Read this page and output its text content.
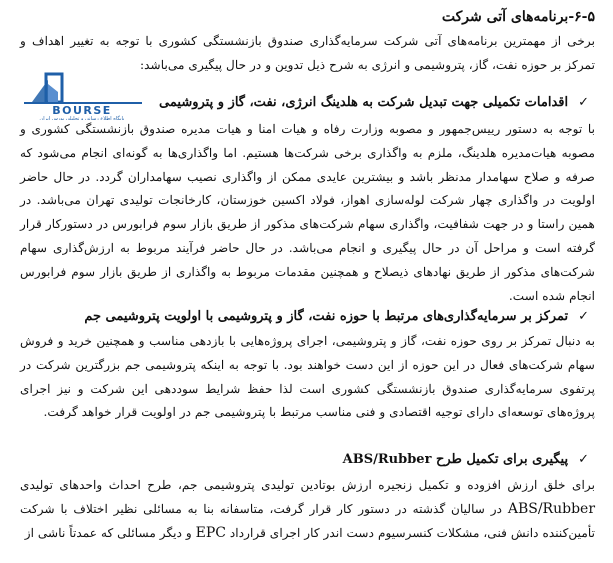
۶-۵-برنامه‌های آتی شرکت
برخی از مهمترین برنامه‌های آتی شرکت سرمایه‌گذاری صندوق بازنشستگی کشوری با توجه به تغییر اهداف و تمرکز بر حوزه نفت، گاز، پتروشیمی و انرژی به شرح ذیل تدوین و در حال پیگیری می‌باشد:
BOURSE
پایگاه اطلاع رسانی و تحلیلی بورس ایران
✓
اقدامات تکمیلی جهت تبدیل شرکت به هلدینگ انرژی، نفت، گاز و پتروشیمی
با توجه به دستور رییس‌جمهور و مصوبه وزارت رفاه و هیات امنا و هیات مدیره صندوق بازنشستگی کشوری و مصوبه هیات‌مدیره هلدینگ، ملزم به واگذاری برخی شرکت‌ها هستیم. اما واگذاری‌ها به گونه‌ای انجام می‌شود که صرفه و صلاح سهامدار مدنظر باشد و بیشترین عایدی ممکن از واگذاری نصیب سهامداران گردد. در حال حاضر اولویت در واگذاری چهار شرکت لوله‌سازی اهواز، فولاد اکسین خوزستان، کارخانجات تولیدی تهران می‌باشد. در همین راستا و در جهت شفافیت، واگذاری سهام شرکت‌های مذکور از طریق بازار سوم فرابورس در دستورکار قرار گرفته است و مراحل آن در حال پیگیری و انجام می‌باشد. در حال حاضر فرآیند مربوط به ارزش‌گذاری سهام شرکت‌های مذکور از طریق نهادهای ذیصلاح و همچنین مقدمات مربوط به واگذاری از طریق بازار سوم فرابورس انجام شده است.
✓
تمرکز بر سرمایه‌گذاری‌های مرتبط با حوزه نفت، گاز و پتروشیمی با اولویت پتروشیمی جم
به دنبال تمرکز بر روی حوزه نفت، گاز و پتروشیمی، اجرای پروژه‌هایی با بازدهی مناسب و همچنین خرید و فروش سهام شرکت‌های فعال در این حوزه از این دست خواهند بود. با توجه به اینکه پتروشیمی جم بزرگترین شرکت در پرتفوی سرمایه‌گذاری صندوق بازنشستگی کشوری است لذا حفظ شرایط سوددهی این شرکت و نیز اجرای پروژه‌های توسعه‌ای دارای توجیه اقتصادی و فنی مناسب مرتبط با پتروشیمی جم در اولویت قرار خواهد گرفت.
✓
پیگیری برای تکمیل طرح ABS/Rubber
برای خلق ارزش افزوده و تکمیل زنجیره ارزش بوتادین تولیدی پتروشیمی جم، طرح احداث واحدهای تولیدی ABS/Rubber در سالیان گذشته در دستور کار قرار گرفت، متاسفانه بنا به مسائلی نظیر اختلاف با شرکت تأمین‌کننده دانش فنی، مشکلات کنسرسیوم دست اندر کار اجرای قرارداد EPC و دیگر مسائلی که عمدتاً ناشی از
